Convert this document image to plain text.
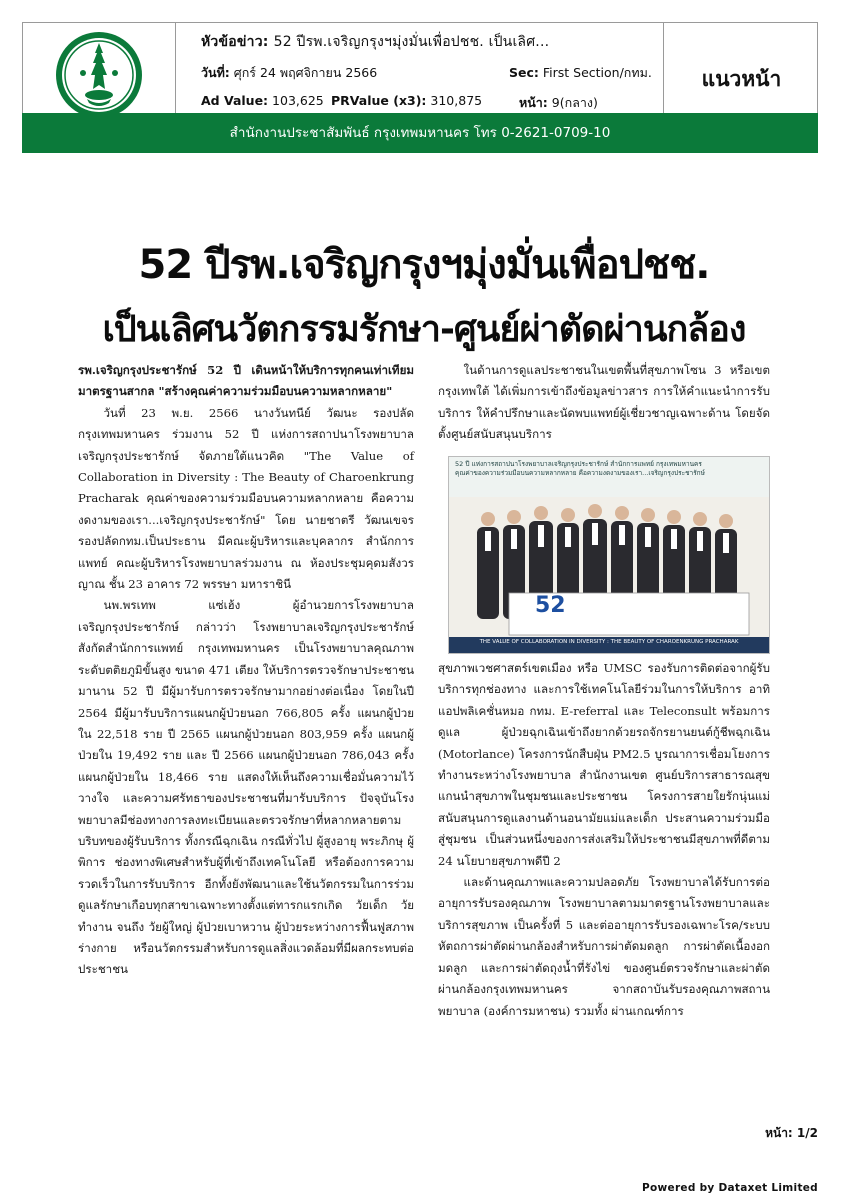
หัวข้อข่าว: 52 ปีรพ.เจริญกรุงฯมุ่งมั่นเพื่อปชช. เป็นเลิศ...
วันที่: ศุกร์ 24 พฤศจิกายน 2566	Sec: First Section/กทม.
Ad Value: 103,625 PRValue (x3): 310,875	หน้า: 9(กลาง)
แนวหน้า
สำนักงานประชาสัมพันธ์ กรุงเทพมหานคร โทร 0-2621-0709-10
52 ปีรพ.เจริญกรุงฯมุ่งมั่นเพื่อปชช.
เป็นเลิศนวัตกรรมรักษา-ศูนย์ผ่าตัดผ่านกล้อง

รพ.เจริญกรุงประชารักษ์ 52 ปี เดินหน้าให้บริการทุกคนเท่าเทียม มาตรฐานสากล "สร้างคุณค่าความร่วมมือบนความหลากหลาย"

วันที่ 23 พ.ย. 2566 นางวันทนีย์ วัฒนะ รองปลัดกรุงเทพมหานคร ร่วมงาน 52 ปี แห่งการสถาปนาโรงพยาบาลเจริญกรุงประชารักษ์ จัดภายใต้แนวคิด "The Value of Collaboration in Diversity : The Beauty of Charoenkrung Pracharak คุณค่าของความร่วมมือบนความหลากหลาย คือความงดงามของเรา...เจริญกรุงประชารักษ์" โดย นายชาตรี วัฒนเขจร รองปลัดกทม.เป็นประธาน มีคณะผู้บริหารและบุคลากร สำนักการแพทย์ คณะผู้บริหารโรงพยาบาลร่วมงาน ณ ห้องประชุมคุดมสังวรญาณ ชั้น 23 อาคาร 72 พรรษา มหาราชินี

นพ.พรเทพ แซ่เฮ้ง ผู้อำนวยการโรงพยาบาลเจริญกรุงประชารักษ์ กล่าวว่า โรงพยาบาลเจริญกรุงประชารักษ์ สังกัดสำนักการแพทย์ กรุงเทพมหานคร เป็นโรงพยาบาลคุณภาพระดับตติยภูมิขั้นสูง ขนาด 471 เตียง ให้บริการตรวจรักษาประชาชนมานาน 52 ปี มีผู้มารับการตรวจรักษามากอย่างต่อเนื่อง โดยในปี 2564 มีผู้มารับบริการแผนกผู้ป่วยนอก 766,805 ครั้ง แผนกผู้ป่วยใน 22,518 ราย ปี 2565 แผนกผู้ป่วยนอก 803,959 ครั้ง แผนกผู้ป่วยใน 19,492 ราย และ ปี 2566 แผนกผู้ป่วยนอก 786,043 ครั้ง แผนกผู้ป่วยใน 18,466 ราย แสดงให้เห็นถึงความเชื่อมั่นความไว้วางใจ และความศรัทธาของประชาชนที่มารับบริการ ปัจจุบันโรงพยาบาลมีช่องทางการลงทะเบียนและตรวจรักษาที่หลากหลายตามบริบทของผู้รับบริการ ทั้งกรณีฉุกเฉิน กรณีทั่วไป ผู้สูงอายุ พระภิกษุ ผู้พิการ ช่องทางพิเศษสำหรับผู้ที่เข้าถึงเทคโนโลยี หรือต้องการความรวดเร็วในการรับบริการ อีกทั้งยังพัฒนาและใช้นวัตกรรมในการร่วมดูแลรักษาเกือบทุกสาขาเฉพาะทางตั้งแต่ทารกแรกเกิด วัยเด็ก วัยทำงาน จนถึง วัยผู้ใหญ่ ผู้ป่วยเบาหวาน ผู้ป่วยระหว่างการฟื้นฟูสภาพร่างกาย หรือนวัตกรรมสำหรับการดูแลสิ่งแวดล้อมที่มีผลกระทบต่อประชาชน

ในด้านการดูแลประชาชนในเขตพื้นที่สุขภาพโซน 3 หรือเขตกรุงเทพใต้ ได้เพิ่มการเข้าถึงข้อมูลข่าวสาร การให้คำแนะนำการรับบริการ ให้คำปรึกษาและนัดพบแพทย์ผู้เชี่ยวชาญเฉพาะด้าน โดยจัดตั้งศูนย์สนับสนุนบริการ

52 ปี แห่งการสถาปนาโรงพยาบาลเจริญกรุงประชารักษ์ สำนักการแพทย์ กรุงเทพมหานคร
คุณค่าของความร่วมมือบนความหลากหลาย คือความงดงามของเรา...เจริญกรุงประชารักษ์
52
THE VALUE OF COLLABORATION IN DIVERSITY : THE BEAUTY OF CHAROENKRUNG PRACHARAK

สุขภาพเวชศาสตร์เขตเมือง หรือ UMSC รองรับการติดต่อจากผู้รับบริการทุกช่องทาง และการใช้เทคโนโลยีร่วมในการให้บริการ อาทิ แอปพลิเคชั่นหมอ กทม. E-referral และ Teleconsult พร้อมการดูแล ผู้ป่วยฉุกเฉินเข้าถึงยากด้วยรถจักรยานยนต์กู้ชีพฉุกเฉิน (Motorlance) โครงการนักสืบฝุ่น PM2.5 บูรณาการเชื่อมโยงการทำงานระหว่างโรงพยาบาล สำนักงานเขต ศูนย์บริการสาธารณสุข แกนนำสุขภาพในชุมชนและประชาชน โครงการสายใยรักนุ่นแม่ สนับสนุนการดูแลงานด้านอนามัยแม่และเด็ก ประสานความร่วมมือสู่ชุมชน เป็นส่วนหนึ่งของการส่งเสริมให้ประชาชนมีสุขภาพที่ดีตาม 24 นโยบายสุขภาพดีปี 2

และด้านคุณภาพและความปลอดภัย โรงพยาบาลได้รับการต่ออายุการรับรองคุณภาพ โรงพยาบาลตามมาตรฐานโรงพยาบาลและบริการสุขภาพ เป็นครั้งที่ 5 และต่ออายุการรับรองเฉพาะโรค/ระบบ หัตถการผ่าตัดผ่านกล้องสำหรับการผ่าตัดมดลูก การผ่าตัดเนื้องอกมดลูก และการผ่าตัดถุงน้ำที่รังไข่ ของศูนย์ตรวจรักษาและผ่าตัดผ่านกล้องกรุงเทพมหานคร จากสถาบันรับรองคุณภาพสถานพยาบาล (องค์การมหาชน) รวมทั้ง ผ่านเกณฑ์การ

หน้า: 1/2
Powered by Dataxet Limited
